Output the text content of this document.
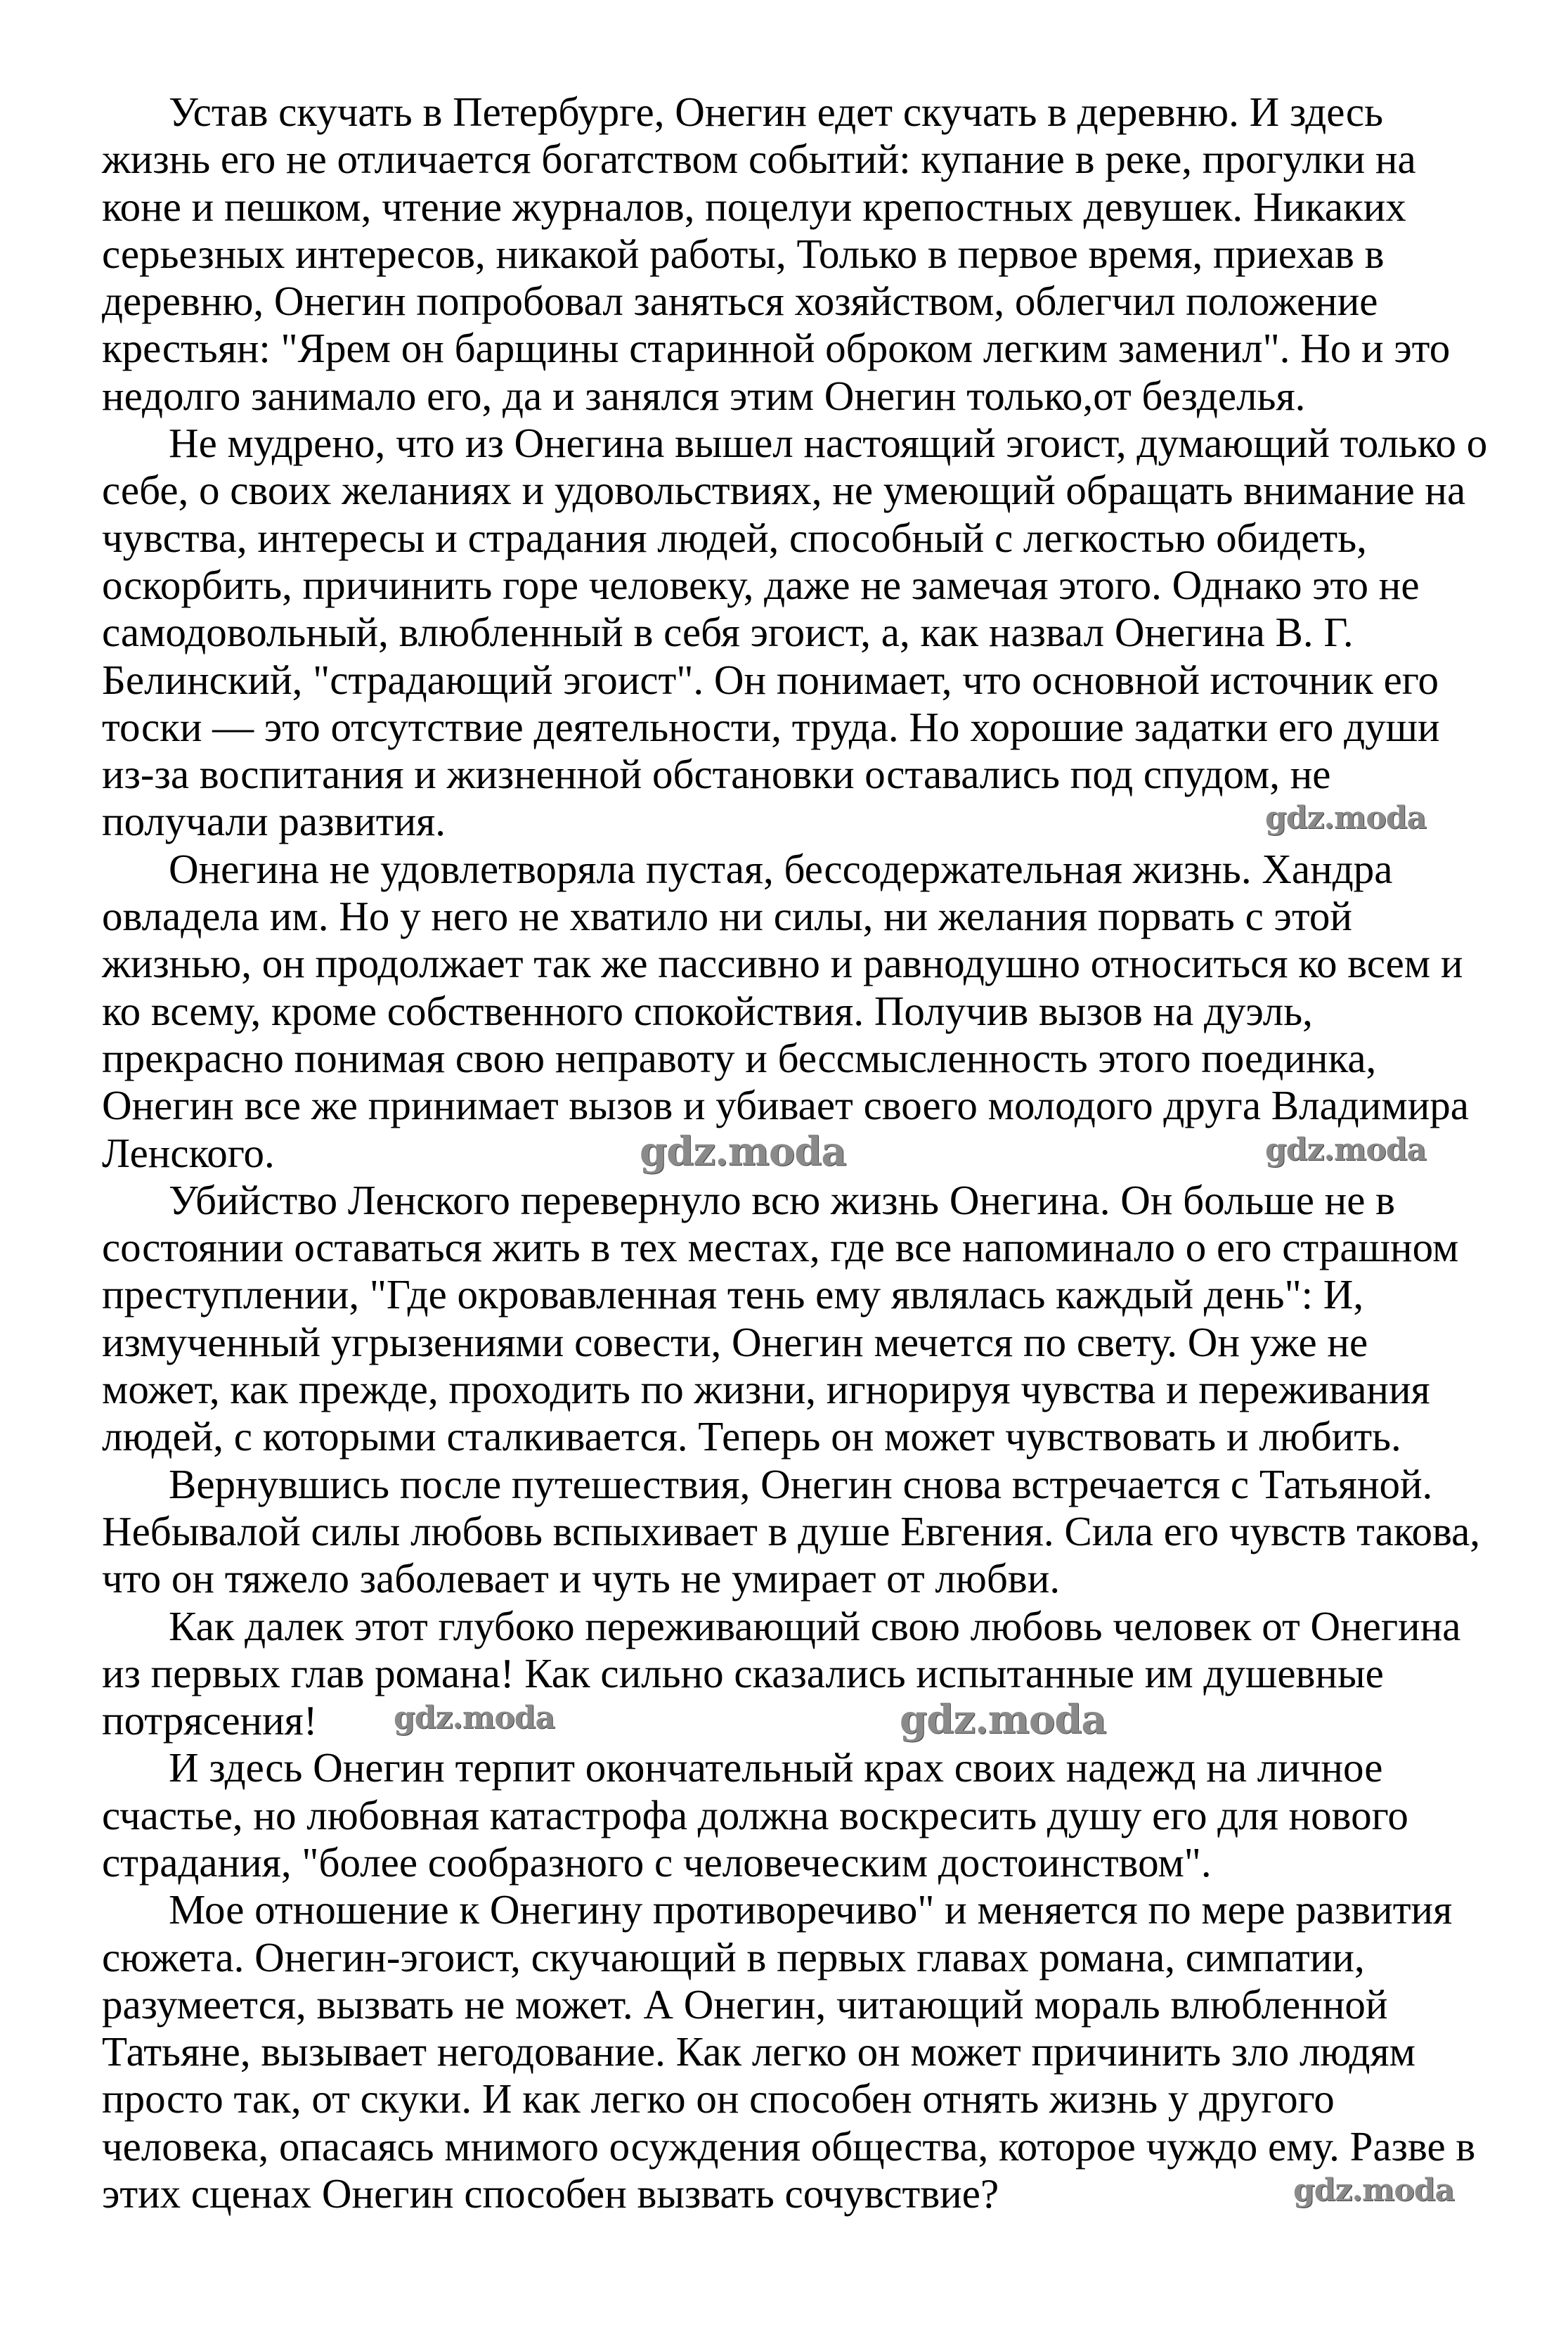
Устав скучать в Петербурге, Онегин едет скучать в деревню. И здесь
жизнь его не отличается богатством событий: купание в реке, прогулки на
коне и пешком, чтение журналов, поцелуи крепостных девушек. Никаких
серьезных интересов, никакой работы, Только в первое время, приехав в
деревню, Онегин попробовал заняться хозяйством, облегчил положение
крестьян: "Ярем он барщины старинной оброком легким заменил". Но и это
недолго занимало его, да и занялся этим Онегин только,от безделья.
Не мудрено, что из Онегина вышел настоящий эгоист, думающий только о
себе, о своих желаниях и удовольствиях, не умеющий обращать внимание на
чувства, интересы и страдания людей, способный с легкостью обидеть,
оскорбить, причинить горе человеку, даже не замечая этого. Однако это не
самодовольный, влюбленный в себя эгоист, а, как назвал Онегина В. Г.
Белинский, "страдающий эгоист". Он понимает, что основной источник его
тоски — это отсутствие деятельности, труда. Но хорошие задатки его души
из-за воспитания и жизненной обстановки оставались под спудом, не
получали развития.
Онегина не удовлетворяла пустая, бессодержательная жизнь. Хандра
овладела им. Но у него не хватило ни силы, ни желания порвать с этой
жизнью, он продолжает так же пассивно и равнодушно относиться ко всем и
ко всему, кроме собственного спокойствия. Получив вызов на дуэль,
прекрасно понимая свою неправоту и бессмысленность этого поединка,
Онегин все же принимает вызов и убивает своего молодого друга Владимира
Ленского.
Убийство Ленского перевернуло всю жизнь Онегина. Он больше не в
состоянии оставаться жить в тех местах, где все напоминало о его страшном
преступлении, "Где окровавленная тень ему являлась каждый день": И,
измученный угрызениями совести, Онегин мечется по свету. Он уже не
может, как прежде, проходить по жизни, игнорируя чувства и переживания
людей, с которыми сталкивается. Теперь он может чувствовать и любить.
Вернувшись после путешествия, Онегин снова встречается с Татьяной.
Небывалой силы любовь вспыхивает в душе Евгения. Сила его чувств такова,
что он тяжело заболевает и чуть не умирает от любви.
Как далек этот глубоко переживающий свою любовь человек от Онегина
из первых глав романа! Как сильно сказались испытанные им душевные
потрясения!
И здесь Онегин терпит окончательный крах своих надежд на личное
счастье, но любовная катастрофа должна воскресить душу его для нового
страдания, "более сообразного с человеческим достоинством".
Мое отношение к Онегину противоречиво" и меняется по мере развития
сюжета. Онегин-эгоист, скучающий в первых главах романа, симпатии,
разумеется, вызвать не может. А Онегин, читающий мораль влюбленной
Татьяне, вызывает негодование. Как легко он может причинить зло людям
просто так, от скуки. И как легко он способен отнять жизнь у другого
человека, опасаясь мнимого осуждения общества, которое чуждо ему. Разве в
этих сценах Онегин способен вызвать сочувствие?
gdz.moda
gdz.moda	gdz.moda
gdz.moda	gdz.moda
gdz.moda
